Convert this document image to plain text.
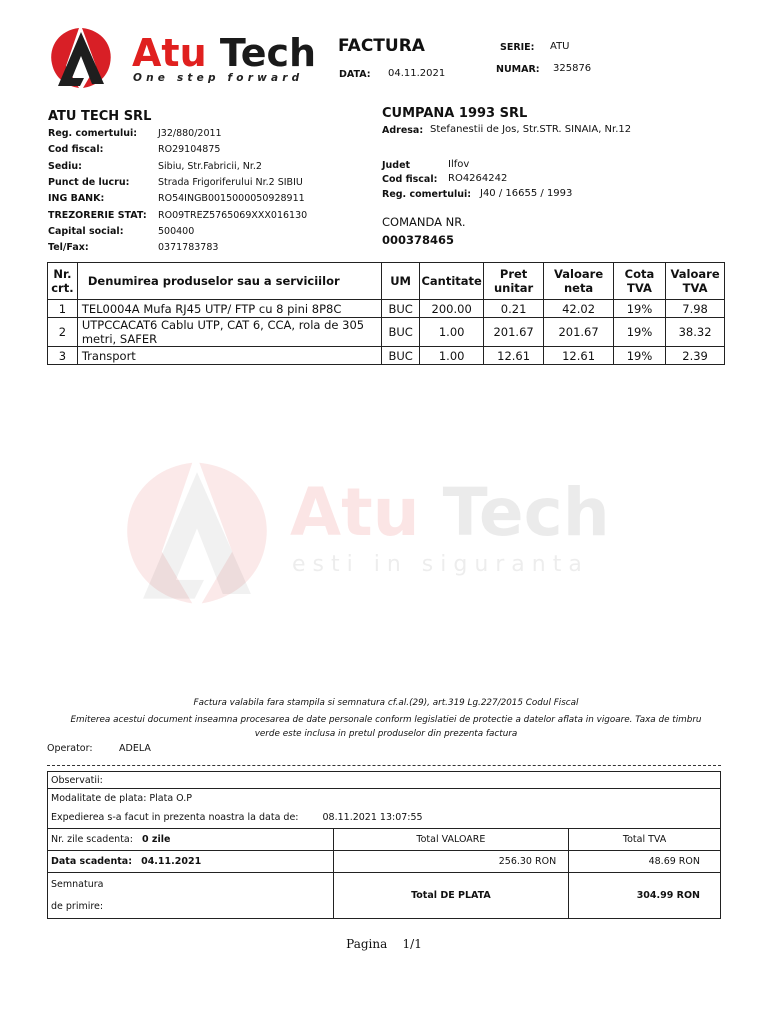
Atu Tech
One step forward
FACTURA	SERIE: ATU
DATA: 04.11.2021	NUMAR: 325876
ATU TECH SRL
Reg. comertului: J32/880/2011
Cod fiscal:	RO29104875
Sediu:	Sibiu, Str.Fabricii, Nr.2
Punct de lucru:	Strada Frigoriferului Nr.2 SIBIU
ING BANK:	RO54INGB0015000050928911
TREZORERIE STAT: RO09TREZ5765069XXX016130
Capital social:	500400
Tel/Fax:	0371783783
CUMPANA 1993 SRL
Adresa: Stefanestii de Jos, Str.STR. SINAIA, Nr.12
Judet	Ilfov
Cod fiscal: RO4264242
Reg. comertului: J40 / 16655 / 1993
COMANDA NR.
000378465
Nr. crt.	Denumirea produselor sau a serviciilor	UM	Cantitate	Pret unitar	Valoare neta	Cota TVA	Valoare TVA
1	TEL0004A Mufa RJ45 UTP/ FTP cu 8 pini 8P8C	BUC	200.00	0.21	42.02	19%	7.98
2	UTPCCACAT6 Cablu UTP, CAT 6, CCA, rola de 305 metri, SAFER	BUC	1.00	201.67	201.67	19%	38.32
3	Transport	BUC	1.00	12.61	12.61	19%	2.39
Atu Tech
esti in siguranta
Factura valabila fara stampila si semnatura cf.al.(29), art.319 Lg.227/2015 Codul Fiscal
Emiterea acestui document inseamna procesarea de date personale conform legislatiei de protectie a datelor aflata in vigoare. Taxa de timbru verde este inclusa in pretul produselor din prezenta factura
Operator:	ADELA
Observatii:		
Modalitate de plata: Plata O.P		
Expedierea s-a facut in prezenta noastra la data de: 08.11.2021 13:07:55		
Nr. zile scadenta: 0 zile	Total VALOARE	Total TVA
Data scadenta: 04.11.2021	256.30 RON	48.69 RON
Semnatura
de primire:	Total DE PLATA	304.99 RON
Pagina 1/1
